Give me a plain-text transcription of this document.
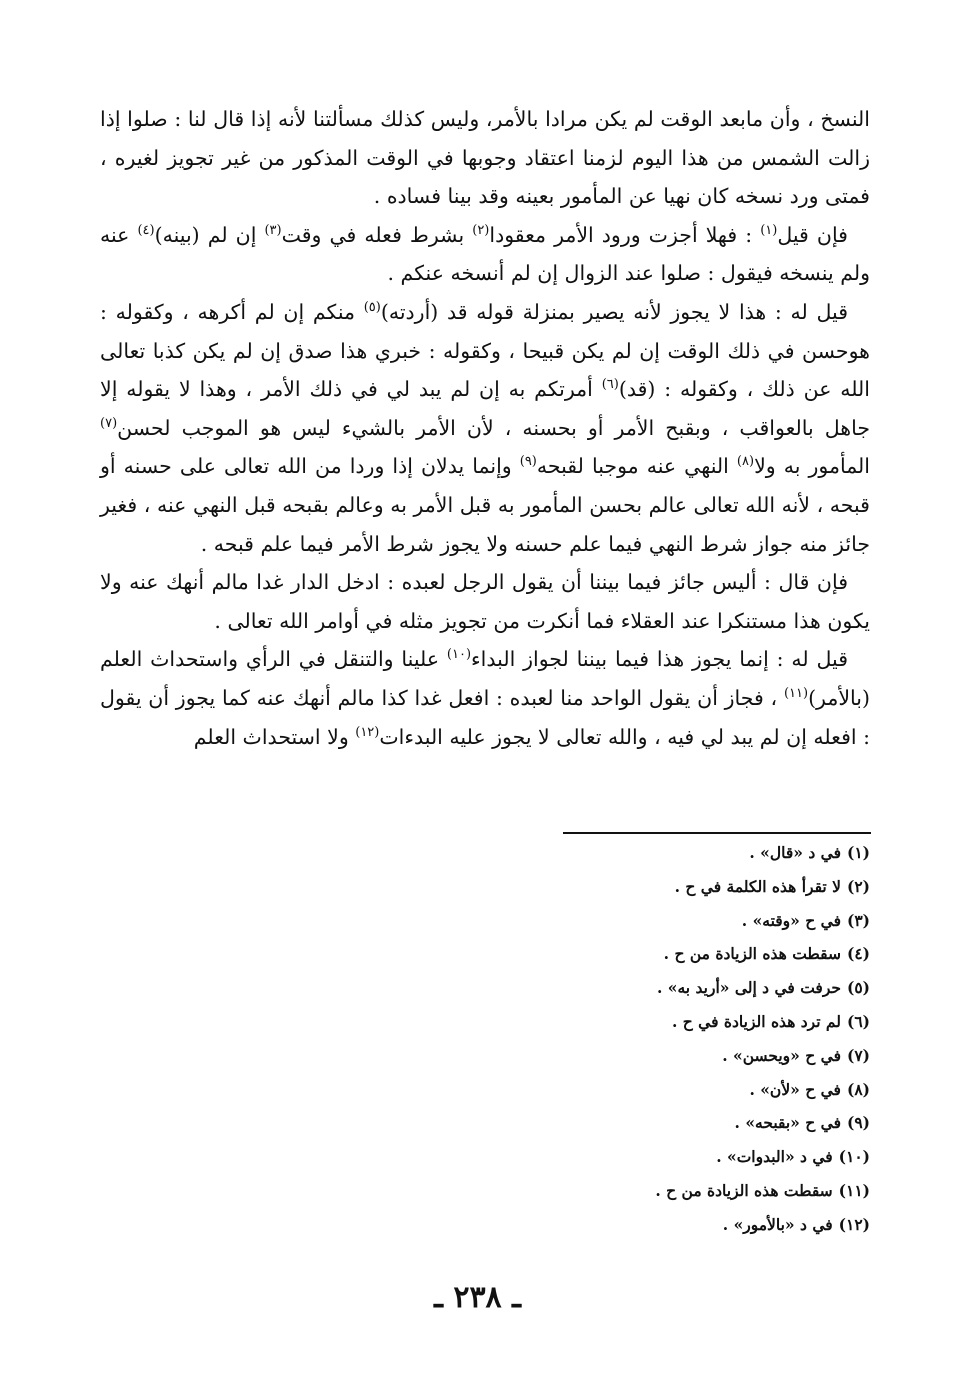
النسخ ، وأن مابعد الوقت لم يكن مرادا بالأمر، وليس كذلك مسألتنا لأنه إذا قال لنا : صلوا إذا زالت الشمس من هذا اليوم لزمنا اعتقاد وجوبها في الوقت المذكور من غير تجويز لغيره ، فمتى ورد نسخه كان نهيا عن المأمور بعينه وقد بينا فساده .

فإن قيل$^{(١)}$ : فهلا أجزت ورود الأمر معقودا$^{(٢)}$ بشرط فعله في وقت$^{(٣)}$ إن لم (بينه)$^{(٤)}$ عنه ولم ينسخه فيقول : صلوا عند الزوال إن لم أنسخه عنكم .

قيل له : هذا لا يجوز لأنه يصير بمنزلة قوله قد (أردته)$^{(٥)}$ منكم إن لم أكرهه ، وكقوله : هوحسن في ذلك الوقت إن لم يكن قبيحا ، وكقوله : خبري هذا صدق إن لم يكن كذبا تعالى الله عن ذلك ، وكقوله : (قد)$^{(٦)}$ أمرتكم به إن لم يبد لي في ذلك الأمر ، وهذا لا يقوله إلا جاهل بالعواقب ، وبقبح الأمر أو بحسنه ، لأن الأمر بالشيء ليس هو الموجب لحسن$^{(٧)}$ المأمور به ولا$^{(٨)}$ النهي عنه موجبا لقبحه$^{(٩)}$ وإنما يدلان إذا وردا من الله تعالى على حسنه أو قبحه ، لأنه الله تعالى عالم بحسن المأمور به قبل الأمر به وعالم بقبحه قبل النهي عنه ، فغير جائز منه جواز شرط النهي فيما علم حسنه ولا يجوز شرط الأمر فيما علم قبحه .

فإن قال : أليس جائز فيما بيننا أن يقول الرجل لعبده : ادخل الدار غدا مالم أنهك عنه ولا يكون هذا مستنكرا عند العقلاء فما أنكرت من تجويز مثله في أوامر الله تعالى .

قيل له : إنما يجوز هذا فيما بيننا لجواز البداء$^{(١٠)}$ علينا والتنقل في الرأي واستحداث العلم (بالأمر)$^{(١١)}$ ، فجاز أن يقول الواحد منا لعبده : افعل غدا كذا مالم أنهك عنه كما يجوز أن يقول : افعله إن لم يبد لي فيه ، والله تعالى لا يجوز عليه البدءات$^{(١٢)}$ ولا استحداث العلم

(١)في د «قال» .
(٢)لا تقرأ هذه الكلمة في ح .
(٣)في ح «وقته» .
(٤)سقطت هذه الزيادة من ح .
(٥)حرفت في د إلى «أريد به» .
(٦)لم ترد هذه الزيادة في ح .
(٧)في ح «ويحسن» .
(٨)في ح «لأن» .
(٩)في ح «بقبحه» .
(١٠)في د «البدوات» .
(١١)سقطت هذه الزيادة من ح .
(١٢)في د «بالأمور» .
ـ ٢٣٨ ـ
